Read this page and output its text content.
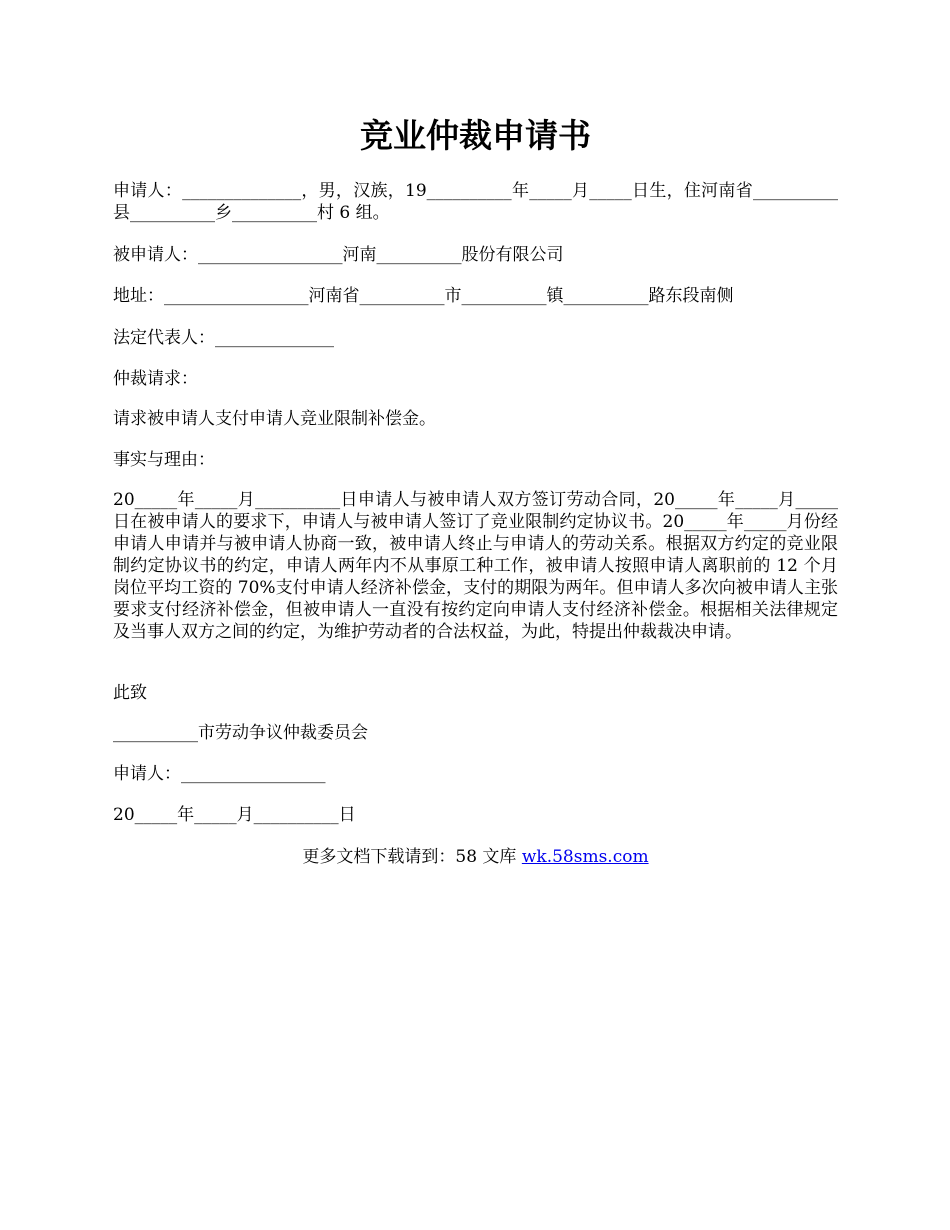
竞业仲裁申请书

申请人：______________，男，汉族，19__________年_____月_____日生，住河南省__________县__________乡__________村 6 组。

被申请人：_________________河南__________股份有限公司

地址：_________________河南省__________市__________镇__________路东段南侧

法定代表人：______________

仲裁请求：

请求被申请人支付申请人竞业限制补偿金。

事实与理由：

20_____年_____月__________日申请人与被申请人双方签订劳动合同，20_____年_____月_____日在被申请人的要求下，申请人与被申请人签订了竞业限制约定协议书。20_____年_____月份经申请人申请并与被申请人协商一致，被申请人终止与申请人的劳动关系。根据双方约定的竞业限制约定协议书的约定，申请人两年内不从事原工种工作，被申请人按照申请人离职前的 12 个月岗位平均工资的 70%支付申请人经济补偿金，支付的期限为两年。但申请人多次向被申请人主张要求支付经济补偿金，但被申请人一直没有按约定向申请人支付经济补偿金。根据相关法律规定及当事人双方之间的约定，为维护劳动者的合法权益，为此，特提出仲裁裁决申请。

此致

__________市劳动争议仲裁委员会

申请人：_________________

20_____年_____月__________日

更多文档下载请到：58 文库 wk.58sms.com
